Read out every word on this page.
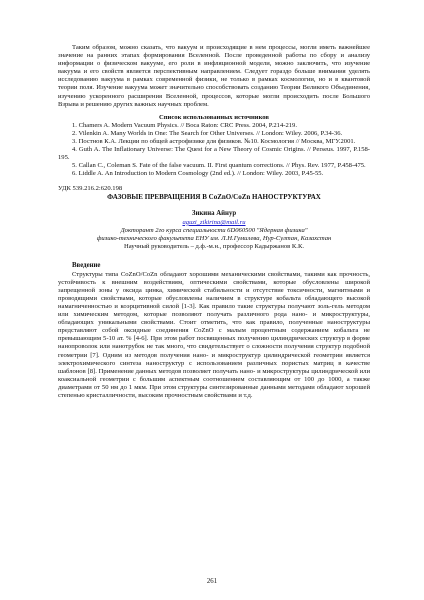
Таким образом, можно сказать, что вакуум и происходящие в нем процессы, могли иметь важнейшее значение на ранних этапах формирования Вселенной. После проведенной работы по сбору и анализу информации о физическом вакууме, его роли в инфляционной модели, можно заключить, что изучение вакуума и его свойств является перспективным направлением. Следует гораздо больше внимания уделять исследованию вакуума в рамках современной физики, не только в рамках космологии, но и в квантовой теории поля. Изучение вакуума может значительно способствовать созданию Теории Великого Объединения, изучению ускоренного расширения Вселенной, процессов, которые могли происходить после Большого Взрыва и решению других важных научных проблем.

Список использованных источников
1. Chamers A. Modern Vacuum Physics. // Boca Raton: CRC Press. 2004, P.214-219.
2. Vilenkin A. Many Worlds in One: The Search for Other Universes. // London: Wiley. 2006, P.34-36.
3. Постнов К.А. Лекции по общей астрофизике для физиков. №10. Космология // Москва, МГУ.2001.
4. Guth A. The Inflationary Universe: The Quest for a New Theory of Cosmic Origins. // Perseus. 1997, P.158-195.
5. Callan C., Coleman S. Fate of the false vacuum. II. First quantum corrections. // Phys. Rev. 1977, P.458-475.
6. Liddle A. An Introduction to Modern Cosmology (2nd ed.). // London: Wiley. 2003, P.45-55.
УДК 539.216.2:620.198
ФАЗОВЫЕ ПРЕВРАЩЕНИЯ В CoZnO/CoZn НАНОСТРУКТУРАХ
Зикина Айнур
aguzi_zikirina@mail.ru
Докторант 2го курса специальности 6D060500 "Ядерная физика"
физико-технического факультета ЕНУ им. Л.Н.Гумилева, Нур-Султан, Казахстан
Научный руководитель – д.ф.-м.н., профессор Кадыржанов К.К.
Введение

Структуры типа CoZnO/CoZn обладают хорошими механическими свойствами, такими как прочность, устойчивость к внешним воздействиям, оптическими свойствами, которые обусловлены широкой запрещенной зоны у оксида цинка, химической стабильности и отсутствие токсичности, магнитными и проводящими свойствами, которые обусловлены наличием в структуре кобальта обладающего высокой намагниченностью и коэрцитивной силой [1-3]. Как правило такие структуры получают золь-гель методом или химическим методом, которые позволяют получать различного рода нано- и микроструктуры, обладающих уникальными свойствами. Стоит отметить, что как правило, полученные наноструктуры представляют собой оксидные соединения CoZnO с малым процентным содержанием кобальта не превышающим 5-10 ат. % [4-6]. При этом работ посвященных получению цилиндрических структур в форме нанопроволок или нанотрубок не так много, что свидетельствует о сложности получения структур подобной геометрии [7]. Одним из методов получения нано- и микроструктур цилиндрической геометрии является электрохимического синтеза наноструктур с использованием различных пористых матриц в качестве шаблонов [8]. Применение данных методов позволяет получать нано- и микроструктуры цилиндрической или коаксиальной геометрии с большим аспектным соотношением составляющим от 100 до 1000, а также диаметрами от 50 нм до 1 мкм. При этом структуры синтезированные данными методами обладают хорошей степенью кристалличности, высоким прочностным свойствами и т.д.

261
